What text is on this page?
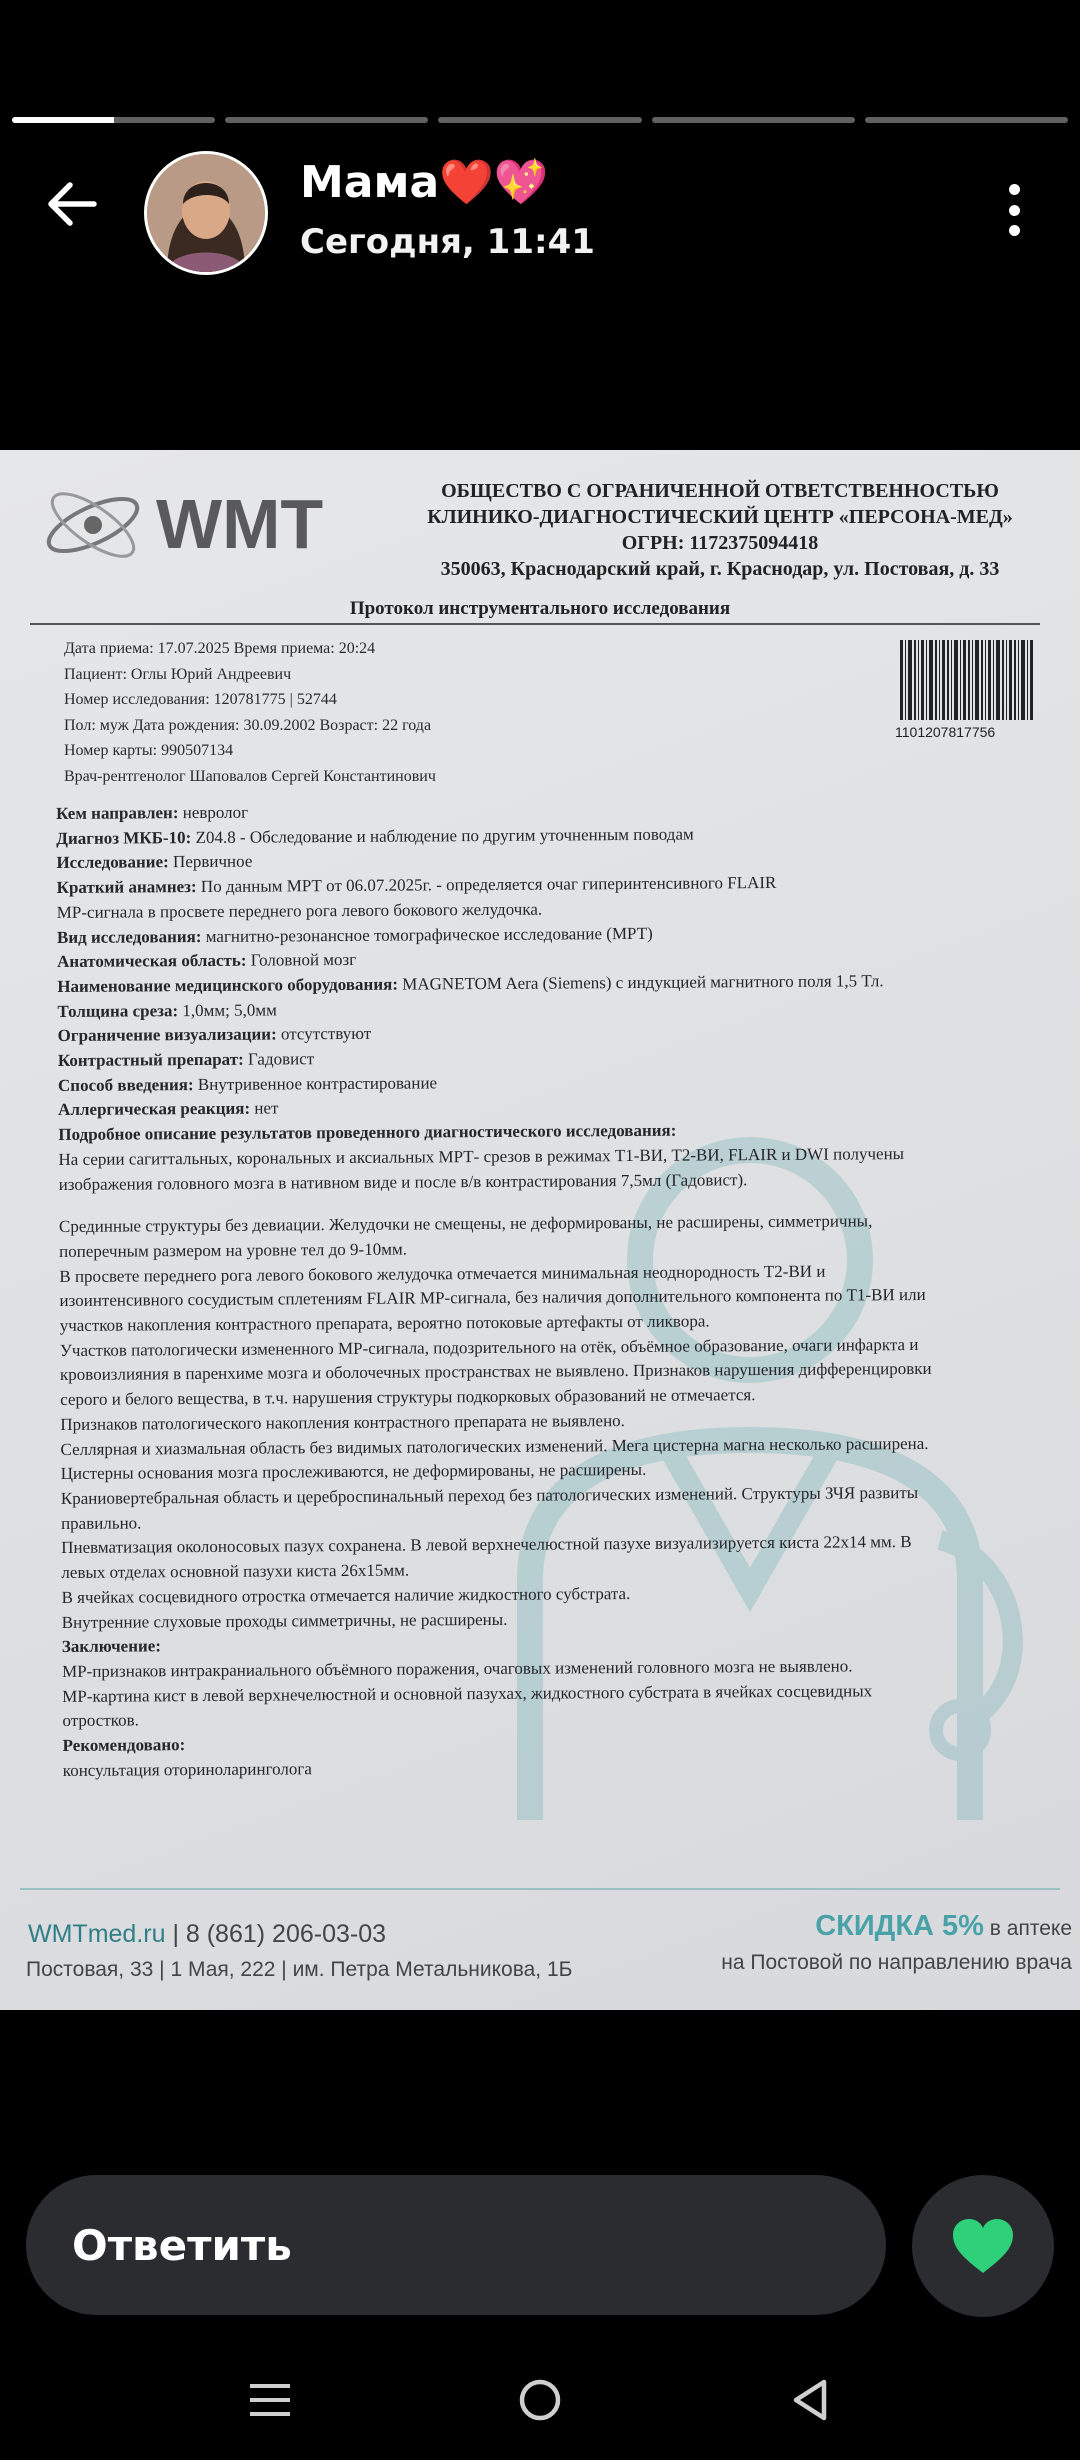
Мама❤️💖
Сегодня, 11:41
WMT	ОБЩЕСТВО С ОГРАНИЧЕННОЙ ОТВЕТСТВЕННОСТЬЮ
КЛИНИКО-ДИАГНОСТИЧЕСКИЙ ЦЕНТР «ПЕРСОНА-МЕД»
ОГРН: 1172375094418
350063, Краснодарский край, г. Краснодар, ул. Постовая, д. 33
Протокол инструментального исследования
1101207817756
Дата приема: 17.07.2025 Время приема: 20:24
Пациент: Оглы Юрий Андреевич
Номер исследования: 120781775 | 52744
Пол: муж Дата рождения: 30.09.2002 Возраст: 22 года
Номер карты: 990507134
Врач-рентгенолог Шаповалов Сергей Константинович
Кем направлен: невролог
Диагноз МКБ-10: Z04.8 - Обследование и наблюдение по другим уточненным поводам
Исследование: Первичное
Краткий анамнез: По данным МРТ от 06.07.2025г. - определяется очаг гиперинтенсивного FLAIR
МР-сигнала в просвете переднего рога левого бокового желудочка.
Вид исследования: магнитно-резонансное томографическое исследование (МРТ)
Анатомическая область: Головной мозг
Наименование медицинского оборудования: MAGNETOM Aera (Siemens) с индукцией магнитного поля 1,5 Тл.
Толщина среза: 1,0мм; 5,0мм
Ограничение визуализации: отсутствуют
Контрастный препарат: Гадовист
Способ введения: Внутривенное контрастирование
Аллергическая реакция: нет
Подробное описание результатов проведенного диагностического исследования:
На серии сагиттальных, корональных и аксиальных МРТ- срезов в режимах Т1-ВИ, Т2-ВИ, FLAIR и DWI получены
изображения головного мозга в нативном виде и после в/в контрастирования 7,5мл (Гадовист).
Срединные структуры без девиации. Желудочки не смещены, не деформированы, не расширены, симметричны,
поперечным размером на уровне тел до 9-10мм.
В просвете переднего рога левого бокового желудочка отмечается минимальная неоднородность Т2-ВИ и
изоинтенсивного сосудистым сплетениям FLAIR МР-сигнала, без наличия дополнительного компонента по Т1-ВИ или
участков накопления контрастного препарата, вероятно потоковые артефакты от ликвора.
Участков патологически измененного МР-сигнала, подозрительного на отёк, объёмное образование, очаги инфаркта и
кровоизлияния в паренхиме мозга и оболочечных пространствах не выявлено. Признаков нарушения дифференцировки
серого и белого вещества, в т.ч. нарушения структуры подкорковых образований не отмечается.
Признаков патологического накопления контрастного препарата не выявлено.
Селлярная и хиазмальная область без видимых патологических изменений. Мега цистерна магна несколько расширена.
Цистерны основания мозга прослеживаются, не деформированы, не расширены.
Краниовертебральная область и цереброспинальный переход без патологических изменений. Структуры ЗЧЯ развиты
правильно.
Пневматизация околоносовых пазух сохранена. В левой верхнечелюстной пазухе визуализируется киста 22х14 мм. В
левых отделах основной пазухи киста 26х15мм.
В ячейках сосцевидного отростка отмечается наличие жидкостного субстрата.
Внутренние слуховые проходы симметричны, не расширены.
Заключение:
МР-признаков интракраниального объёмного поражения, очаговых изменений головного мозга не выявлено.
МР-картина кист в левой верхнечелюстной и основной пазухах, жидкостного субстрата в ячейках сосцевидных
отростков.
Рекомендовано:
консультация оториноларинголога
WMTmed.ru | 8 (861) 206-03-03
Постовая, 33 | 1 Мая, 222 | им. Петра Метальникова, 1Б
СКИДКА 5% в аптеке
на Постовой по направлению врача
Ответить
